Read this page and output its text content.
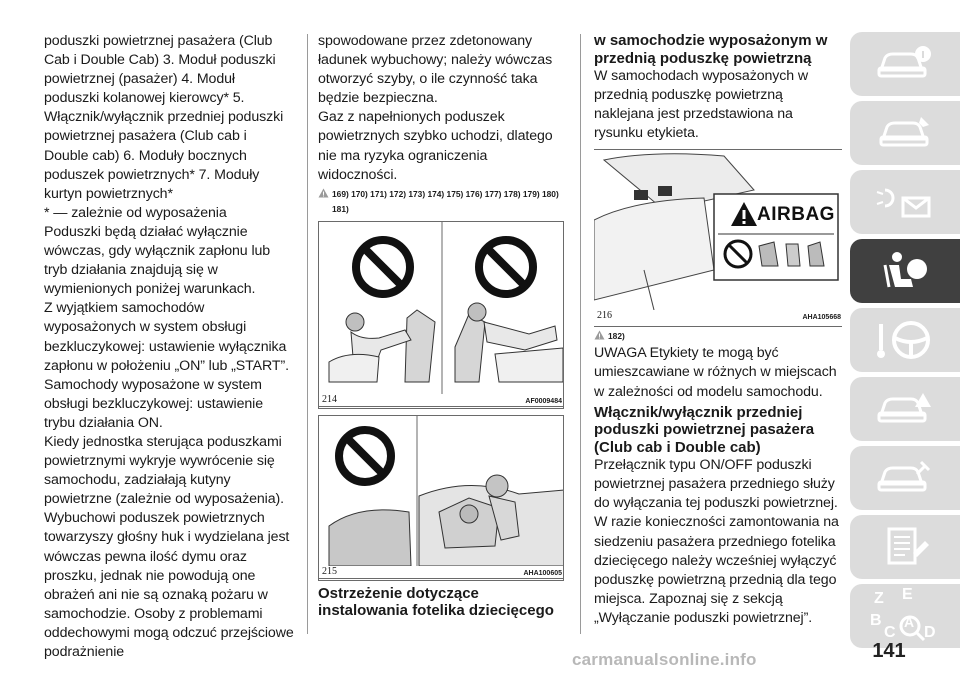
poduszki powietrznej pasażera (Club Cab i Double Cab) 3. Moduł poduszki powietrznej (pasażer) 4. Moduł poduszki kolanowej kierowcy* 5. Włącznik/wyłącznik przedniej poduszki powietrznej pasażera (Club cab i Double cab) 6. Moduły bocznych poduszek powietrznych* 7. Moduły kurtyn powietrznych*

* — zależnie od wyposażenia

Poduszki będą działać wyłącznie wówczas, gdy wyłącznik zapłonu lub tryb działania znajdują się w wymienionych poniżej warunkach.

Z wyjątkiem samochodów wyposażonych w system obsługi bezkluczykowej: ustawienie wyłącznika zapłonu w położeniu „ON” lub „START”.

Samochody wyposażone w system obsługi bezkluczykowej: ustawienie trybu działania ON.

Kiedy jednostka sterująca poduszkami powietrznymi wykryje wywrócenie się samochodu, zadziałają kutyny powietrzne (zależnie od wyposażenia).

Wybuchowi poduszek powietrznych towarzyszy głośny huk i wydzielana jest wówczas pewna ilość dymu oraz proszku, jednak nie powodują one obrażeń ani nie są oznaką pożaru w samochodzie. Osoby z problemami oddechowymi mogą odczuć przejściowe podrażnienie

spowodowane przez zdetonowany ładunek wybuchowy; należy wówczas otworzyć szyby, o ile czynność taka będzie bezpieczna.

Gaz z napełnionych poduszek powietrznych szybko uchodzi, dlatego nie ma ryzyka ograniczenia widoczności.

169) 170) 171) 172) 173) 174) 175) 176) 177) 178) 179) 180) 181)
214	AF0009484
215	AHA100605
Ostrzeżenie dotyczące instalowania fotelika dziecięcego
w samochodzie wyposażonym w przednią poduszkę powietrzną

W samochodach wyposażonych w przednią poduszkę powietrzną naklejana jest przedstawiona na rysunku etykieta.

AIRBAG
216	AHA105668
182)

UWAGA Etykiety te mogą być umieszcawiane w różnych w miejscach w zależności od modelu samochodu.

Włącznik/wyłącznik przedniej poduszki powietrznej pasażera (Club cab i Double cab)

Przełącznik typu ON/OFF poduszki powietrznej pasażera przedniego służy do wyłączania tej poduszki powietrznej. W razie konieczności zamontowania na siedzeniu pasażera przedniego fotelika dziecięcego należy wcześniej wyłączyć poduszkę powietrzną przednią dla tego miejsca. Zapoznaj się z sekcją „Wyłączanie poduszki powietrznej”.

Z E
B
C
A
D
141
carmanualsonline.info
